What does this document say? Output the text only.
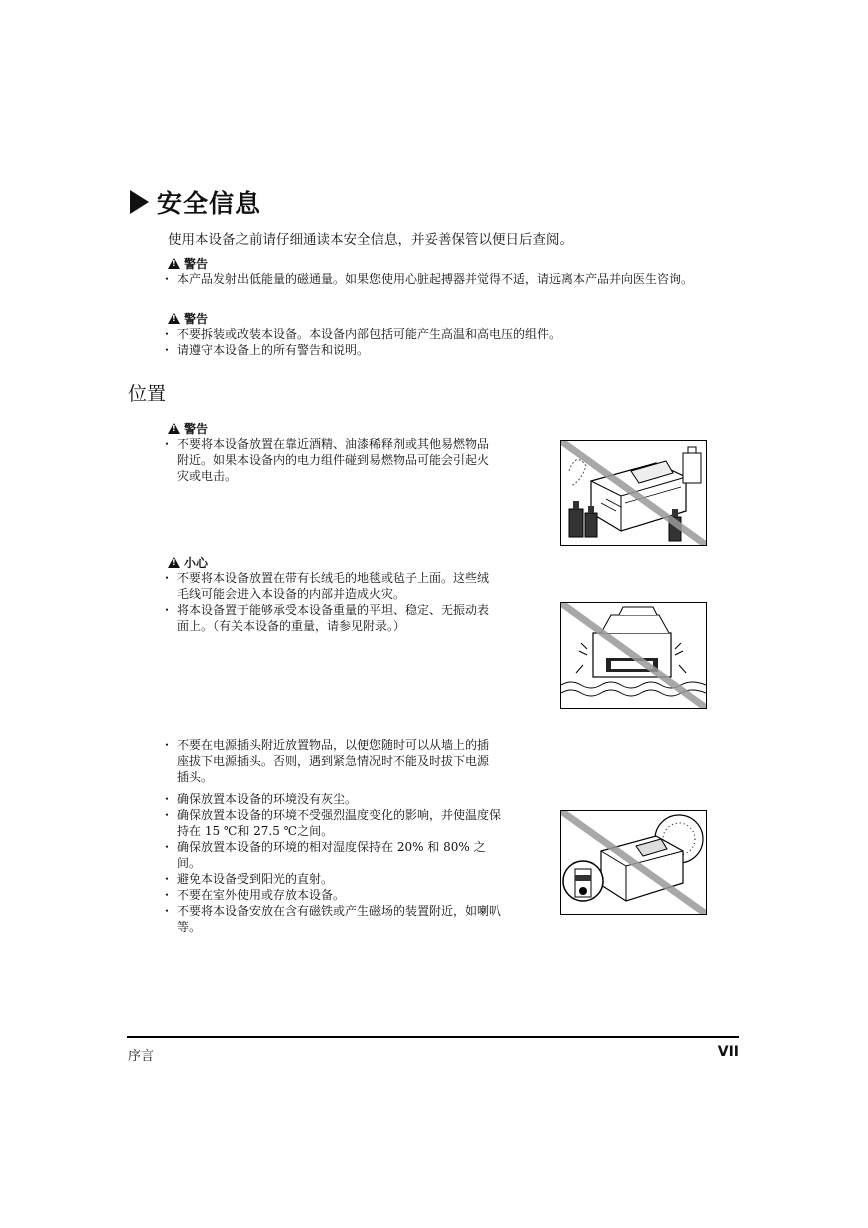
安全信息
使用本设备之前请仔细通读本安全信息，并妥善保管以便日后查阅。
!
警告
・ 本产品发射出低能量的磁通量。如果您使用心脏起搏器并觉得不适，请远离本产品并向医生咨询。
!
警告
・ 不要拆装或改装本设备。本设备内部包括可能产生高温和高电压的组件。
・ 请遵守本设备上的所有警告和说明。
位置
!
警告
・ 不要将本设备放置在靠近酒精、油漆稀释剂或其他易燃物品附近。如果本设备内的电力组件碰到易燃物品可能会引起火灾或电击。
!
小心
・ 不要将本设备放置在带有长绒毛的地毯或毡子上面。这些绒毛线可能会进入本设备的内部并造成火灾。
・ 将本设备置于能够承受本设备重量的平坦、稳定、无振动表面上。（有关本设备的重量，请参见附录。）
・ 不要在电源插头附近放置物品，以便您随时可以从墙上的插座拔下电源插头。否则，遇到紧急情况时不能及时拔下电源插头。
・ 确保放置本设备的环境没有灰尘。
・ 确保放置本设备的环境不受强烈温度变化的影响，并使温度保持在 15 ℃和 27.5 ℃之间。
・ 确保放置本设备的环境的相对湿度保持在 20% 和 80% 之间。
・ 避免本设备受到阳光的直射。
・ 不要在室外使用或存放本设备。
・ 不要将本设备安放在含有磁铁或产生磁场的装置附近，如喇叭等。
序言	VII
